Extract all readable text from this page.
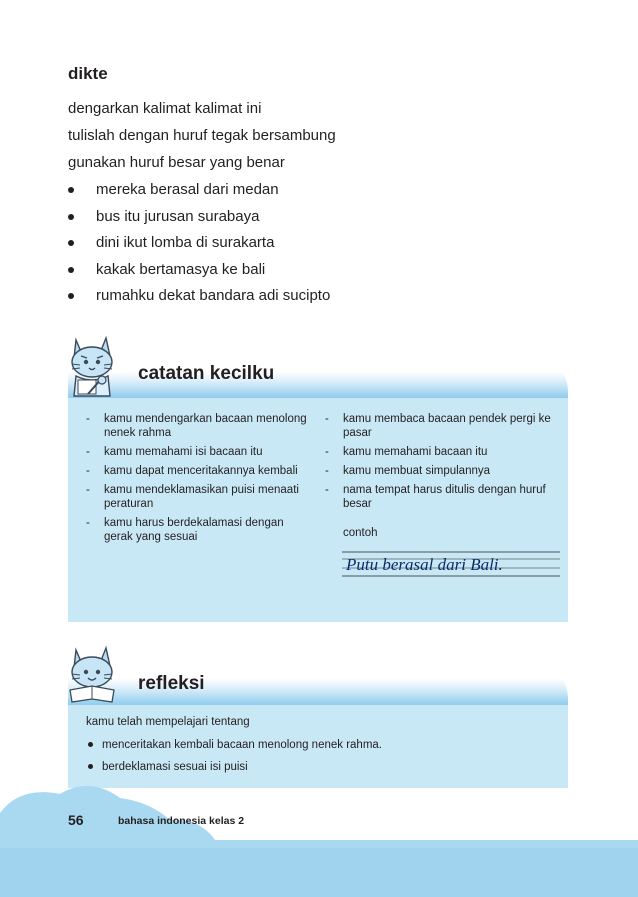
dikte
dengarkan kalimat kalimat ini
tulislah dengan huruf tegak bersambung
gunakan huruf besar yang benar
mereka berasal dari medan
bus itu jurusan surabaya
dini ikut lomba di surakarta
kakak bertamasya ke bali
rumahku dekat bandara adi sucipto
catatan kecilku
- kamu mendengarkan bacaan menolong nenek rahma
- kamu memahami isi bacaan itu
- kamu dapat menceritakannya kembali
- kamu mendeklamasikan puisi menaati peraturan
- kamu harus berdekalamasi dengan gerak yang sesuai
- kamu membaca bacaan pendek pergi ke pasar
- kamu memahami bacaan itu
- kamu membuat simpulannya
- nama tempat harus ditulis dengan huruf besar
contoh
Putu berasal dari Bali.
refleksi
kamu telah mempelajari tentang
menceritakan kembali bacaan menolong nenek rahma.
berdeklamasi sesuai isi puisi
56	bahasa indonesia kelas 2
